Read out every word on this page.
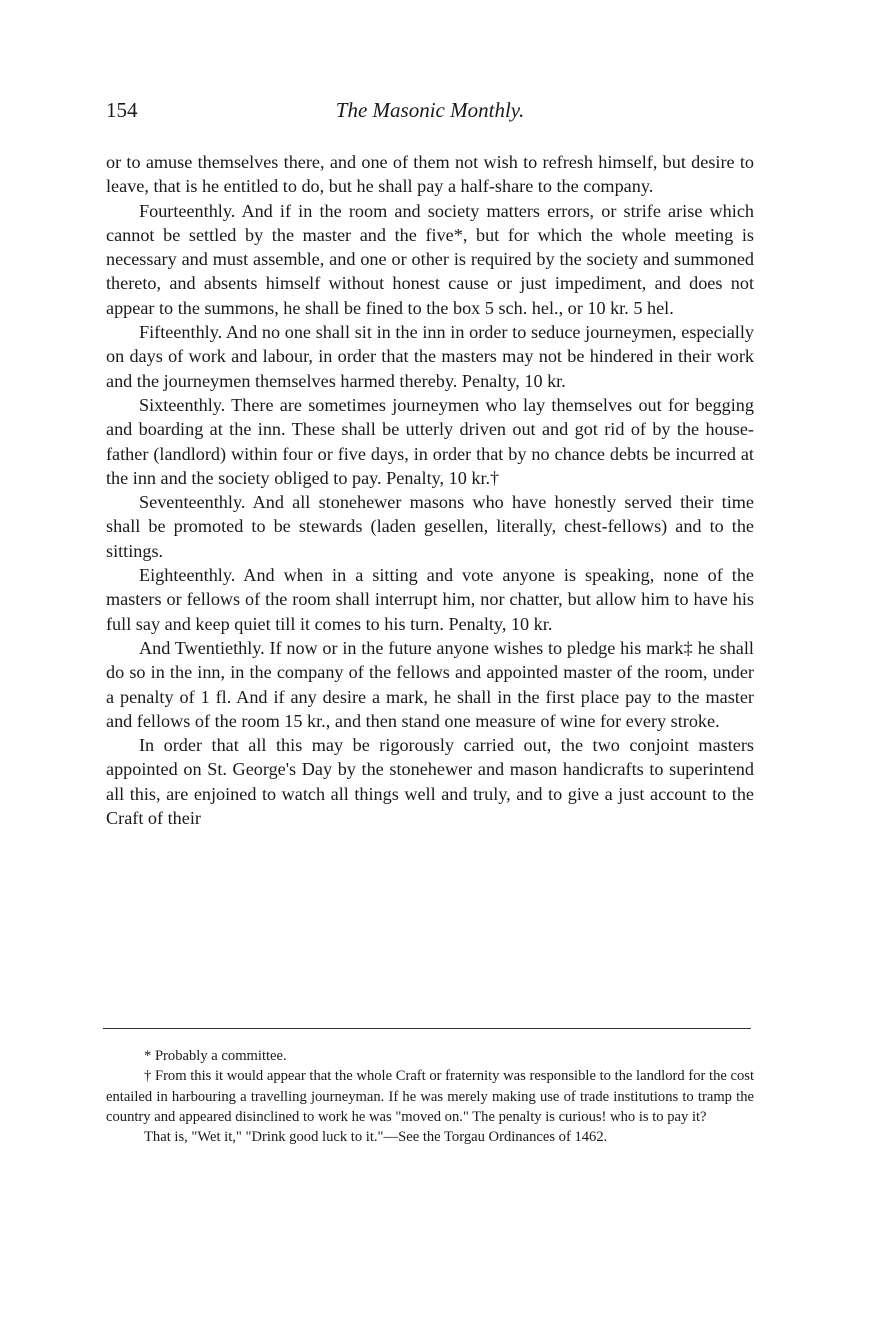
154	The Masonic Monthly.

or to amuse themselves there, and one of them not wish to refresh himself, but desire to leave, that is he entitled to do, but he shall pay a half-share to the company.

Fourteenthly. And if in the room and society matters errors, or strife arise which cannot be settled by the master and the five*, but for which the whole meeting is necessary and must assemble, and one or other is required by the society and summoned thereto, and absents himself without honest cause or just impediment, and does not appear to the summons, he shall be fined to the box 5 sch. hel., or 10 kr. 5 hel.

Fifteenthly. And no one shall sit in the inn in order to seduce journeymen, especially on days of work and labour, in order that the masters may not be hindered in their work and the journeymen themselves harmed thereby. Penalty, 10 kr.

Sixteenthly. There are sometimes journeymen who lay themselves out for begging and boarding at the inn. These shall be utterly driven out and got rid of by the house-father (landlord) within four or five days, in order that by no chance debts be incurred at the inn and the society obliged to pay. Penalty, 10 kr.†

Seventeenthly. And all stonehewer masons who have honestly served their time shall be promoted to be stewards (laden gesellen, literally, chest-fellows) and to the sittings.

Eighteenthly. And when in a sitting and vote anyone is speaking, none of the masters or fellows of the room shall interrupt him, nor chatter, but allow him to have his full say and keep quiet till it comes to his turn. Penalty, 10 kr.

And Twentiethly. If now or in the future anyone wishes to pledge his mark‡ he shall do so in the inn, in the company of the fellows and appointed master of the room, under a penalty of 1 fl. And if any desire a mark, he shall in the first place pay to the master and fellows of the room 15 kr., and then stand one measure of wine for every stroke.

In order that all this may be rigorously carried out, the two conjoint masters appointed on St. George's Day by the stonehewer and mason handicrafts to superintend all this, are enjoined to watch all things well and truly, and to give a just account to the Craft of their

* Probably a committee.

† From this it would appear that the whole Craft or fraternity was responsible to the landlord for the cost entailed in harbouring a travelling journeyman. If he was merely making use of trade institutions to tramp the country and appeared disinclined to work he was "moved on." The penalty is curious! who is to pay it?

That is, "Wet it," "Drink good luck to it."—See the Torgau Ordinances of 1462.
